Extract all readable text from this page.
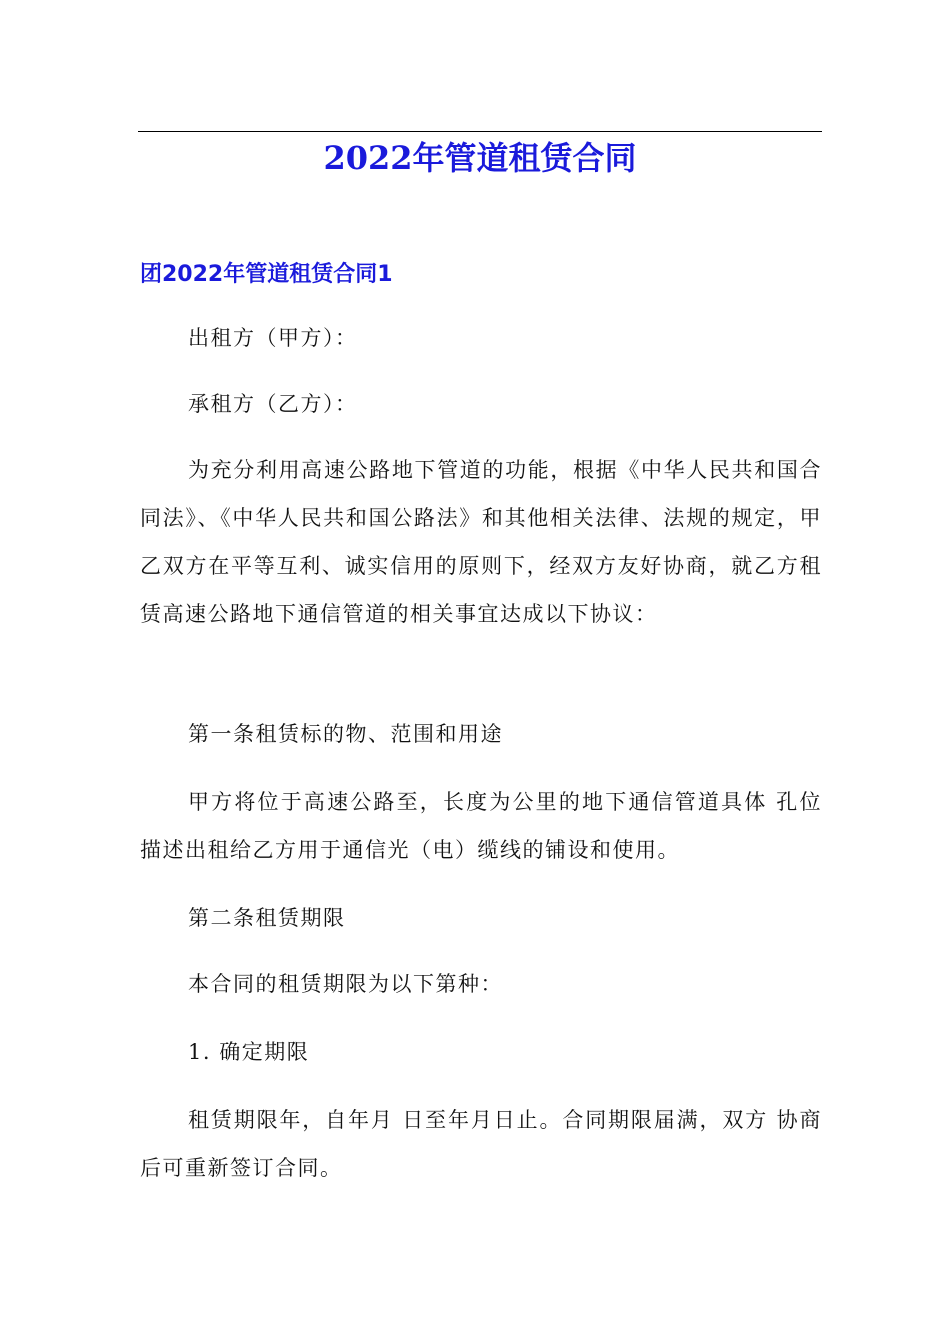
2022年管道租赁合同
团2022年管道租赁合同1

出租方（甲方）：

承租方（乙方）：

为充分利用高速公路地下管道的功能，根据《中华人民共和国合同法》、《中华人民共和国公路法》和其他相关法律、法规的规定，甲乙双方在平等互利、诚实信用的原则下，经双方友好协商，就乙方租赁高速公路地下通信管道的相关事宜达成以下协议：

第一条租赁标的物、范围和用途

甲方将位于高速公路至，长度为公里的地下通信管道具体 孔位描述出租给乙方用于通信光（电）缆线的铺设和使用。

第二条租赁期限

本合同的租赁期限为以下第种：

1. 确定期限

租赁期限年，自年月 日至年月日止。合同期限届满，双方 协商后可重新签订合同。
